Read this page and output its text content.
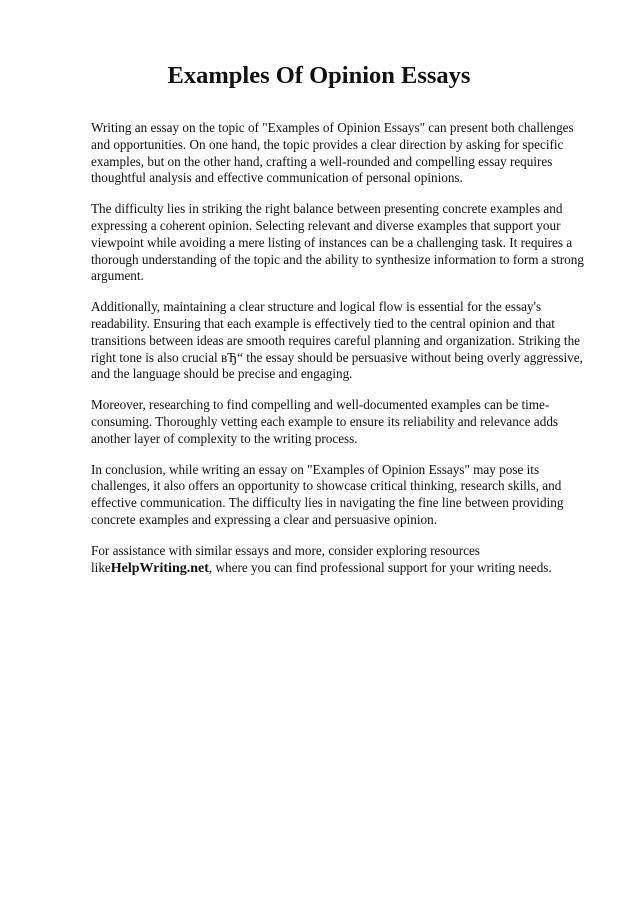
Examples Of Opinion Essays

Writing an essay on the topic of "Examples of Opinion Essays" can present both challenges and opportunities. On one hand, the topic provides a clear direction by asking for specific examples, but on the other hand, crafting a well-rounded and compelling essay requires thoughtful analysis and effective communication of personal opinions.

The difficulty lies in striking the right balance between presenting concrete examples and expressing a coherent opinion. Selecting relevant and diverse examples that support your viewpoint while avoiding a mere listing of instances can be a challenging task. It requires a thorough understanding of the topic and the ability to synthesize information to form a strong argument.

Additionally, maintaining a clear structure and logical flow is essential for the essay's readability. Ensuring that each example is effectively tied to the central opinion and that transitions between ideas are smooth requires careful planning and organization. Striking the right tone is also crucial вЂ“ the essay should be persuasive without being overly aggressive, and the language should be precise and engaging.

Moreover, researching to find compelling and well-documented examples can be time-consuming. Thoroughly vetting each example to ensure its reliability and relevance adds another layer of complexity to the writing process.

In conclusion, while writing an essay on "Examples of Opinion Essays" may pose its challenges, it also offers an opportunity to showcase critical thinking, research skills, and effective communication. The difficulty lies in navigating the fine line between providing concrete examples and expressing a clear and persuasive opinion.

For assistance with similar essays and more, consider exploring resources likeHelpWriting.net, where you can find professional support for your writing needs.
